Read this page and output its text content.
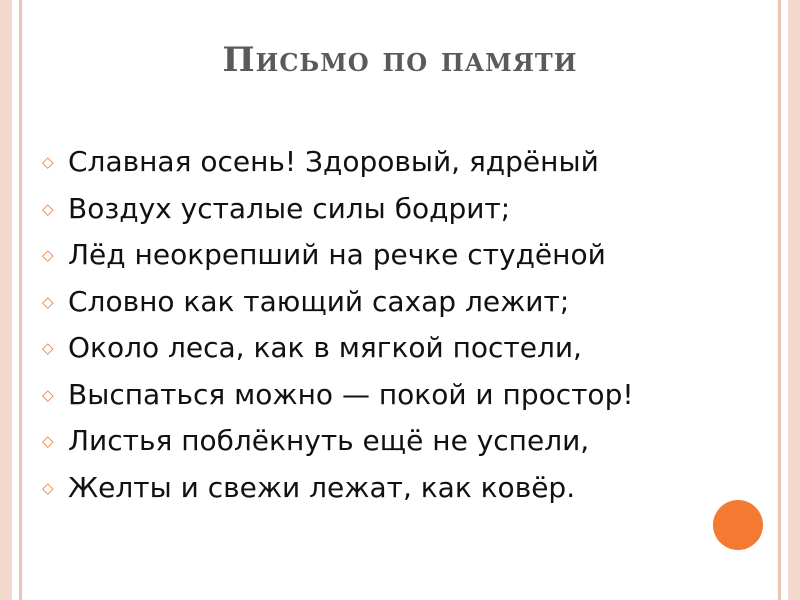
Письмо по памяти
◇ Славная осень! Здоровый, ядрёный
◇ Воздух усталые силы бодрит;
◇ Лёд неокрепший на речке студёной
◇ Словно как тающий сахар лежит;
◇ Около леса, как в мягкой постели,
◇ Выспаться можно — покой и простор!
◇ Листья поблёкнуть ещё не успели,
◇ Желты и свежи лежат, как ковёр.
